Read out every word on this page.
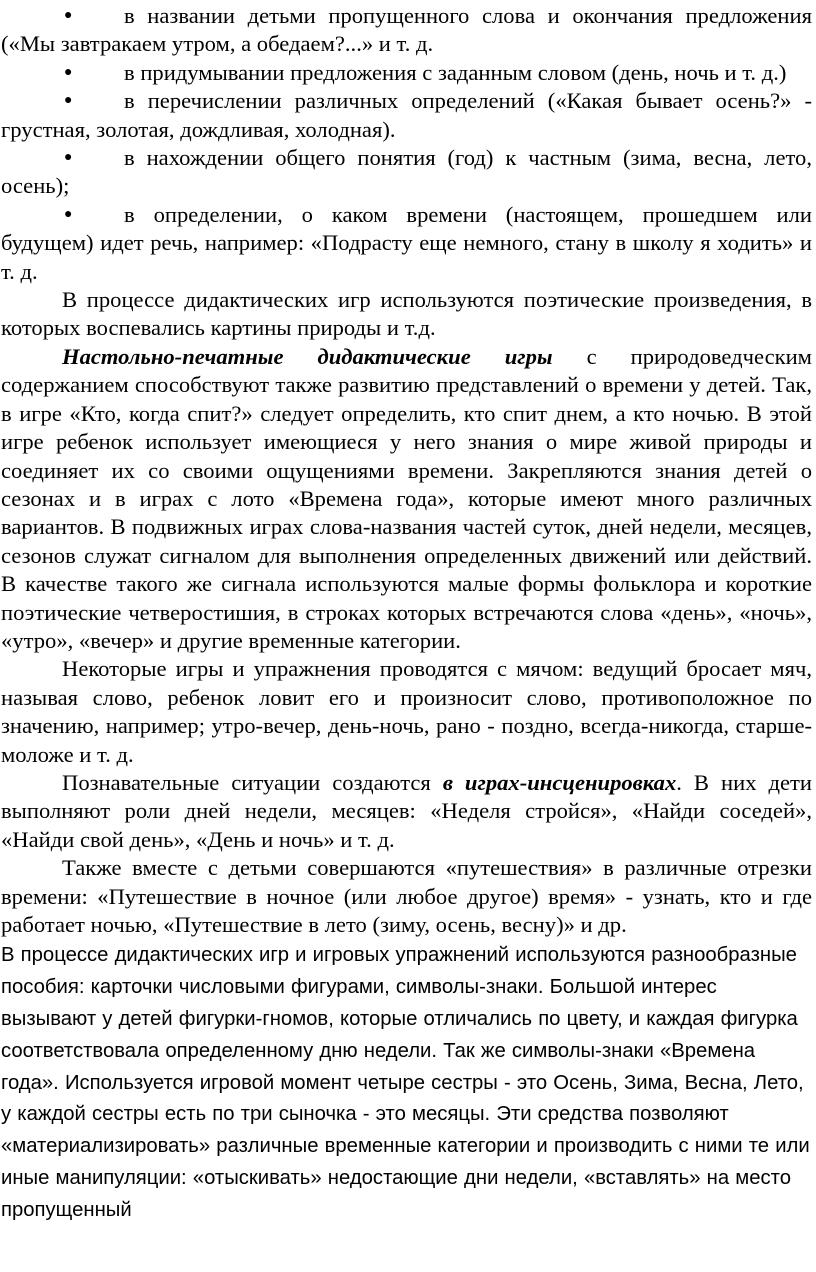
● в названии детьми пропущенного слова и окончания предложения («Мы завтракаем утром, а обедаем?...» и т. д.

● в придумывании предложения с заданным словом (день, ночь и т. д.)

● в перечислении различных определений («Какая бывает осень?» - грустная, золотая, дождливая, холодная).

● в нахождении общего понятия (год) к частным (зима, весна, лето, осень);

● в определении, о каком времени (настоящем, прошедшем или будущем) идет речь, например: «Подрасту еще немного, стану в школу я ходить» и т. д.

В процессе дидактических игр используются поэтические произведения, в которых воспевались картины природы и т.д.

Настольно-печатные дидактические игры с природоведческим содержанием способствуют также развитию представлений о времени у детей. Так, в игре «Кто, когда спит?» следует определить, кто спит днем, а кто ночью. В этой игре ребенок использует имеющиеся у него знания о мире живой природы и соединяет их со своими ощущениями времени. Закрепляются знания детей о сезонах и в играх с лото «Времена года», которые имеют много различных вариантов. В подвижных играх слова-названия частей суток, дней недели, месяцев, сезонов служат сигналом для выполнения определенных движений или действий. В качестве такого же сигнала используются малые формы фольклора и короткие поэтические четверостишия, в строках которых встречаются слова «день», «ночь», «утро», «вечер» и другие временные категории.

Некоторые игры и упражнения проводятся с мячом: ведущий бросает мяч, называя слово, ребенок ловит его и произносит слово, противоположное по значению, например; утро-вечер, день-ночь, рано - поздно, всегда-никогда, старше-моложе и т. д.

Познавательные ситуации создаются в играх-инсценировках. В них дети выполняют роли дней недели, месяцев: «Неделя стройся», «Найди соседей», «Найди свой день», «День и ночь» и т. д.

Также вместе с детьми совершаются «путешествия» в различные отрезки времени: «Путешествие в ночное (или любое другое) время» - узнать, кто и где работает ночью, «Путешествие в лето (зиму, осень, весну)» и др.

В процессе дидактических игр и игровых упражнений используются разнообразные пособия: карточки числовыми фигурами, символы-знаки. Большой интерес вызывают у детей фигурки-гномов, которые отличались по цвету, и каждая фигурка соответствовала определенному дню недели. Так же символы-знаки «Времена года». Используется игровой момент четыре сестры - это Осень, Зима, Весна, Лето, у каждой сестры есть по три сыночка - это месяцы. Эти средства позволяют «материализировать» различные временные категории и производить с ними те или иные манипуляции: «отыскивать» недостающие дни недели, «вставлять» на место пропущенный
